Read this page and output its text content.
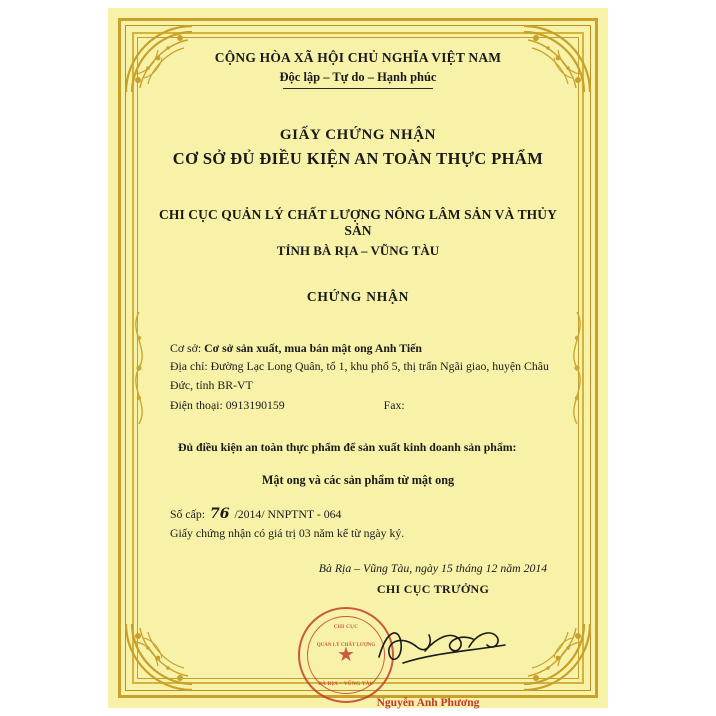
CỘNG HÒA XÃ HỘI CHỦ NGHĨA VIỆT NAM
Độc lập – Tự do – Hạnh phúc
GIẤY CHỨNG NHẬN
CƠ SỞ ĐỦ ĐIỀU KIỆN AN TOÀN THỰC PHẨM
CHI CỤC QUẢN LÝ CHẤT LƯỢNG NÔNG LÂM SẢN VÀ THỦY SẢN
TỈNH BÀ RỊA – VŨNG TÀU
CHỨNG NHẬN
Cơ sở: Cơ sở sản xuất, mua bán mật ong Anh Tiến
Địa chỉ: Đường Lạc Long Quân, tổ 1, khu phố 5, thị trấn Ngãi giao, huyện Châu Đức, tỉnh BR-VT
Điện thoại: 0913190159	Fax:
Đủ điều kiện an toàn thực phẩm để sản xuất kinh doanh sản phẩm:
Mật ong và các sản phẩm từ mật ong
Số cấp: 76 /2014/ NNPTNT - 064
Giấy chứng nhận có giá trị 03 năm kể từ ngày ký.
Bà Rịa – Vũng Tàu, ngày 15 tháng 12 năm 2014
CHI CỤC TRƯỞNG
CHI CỤC
QUẢN LÝ CHẤT LƯỢNG
★
BÀ RỊA – VŨNG TÀU
Nguyễn Anh Phương
